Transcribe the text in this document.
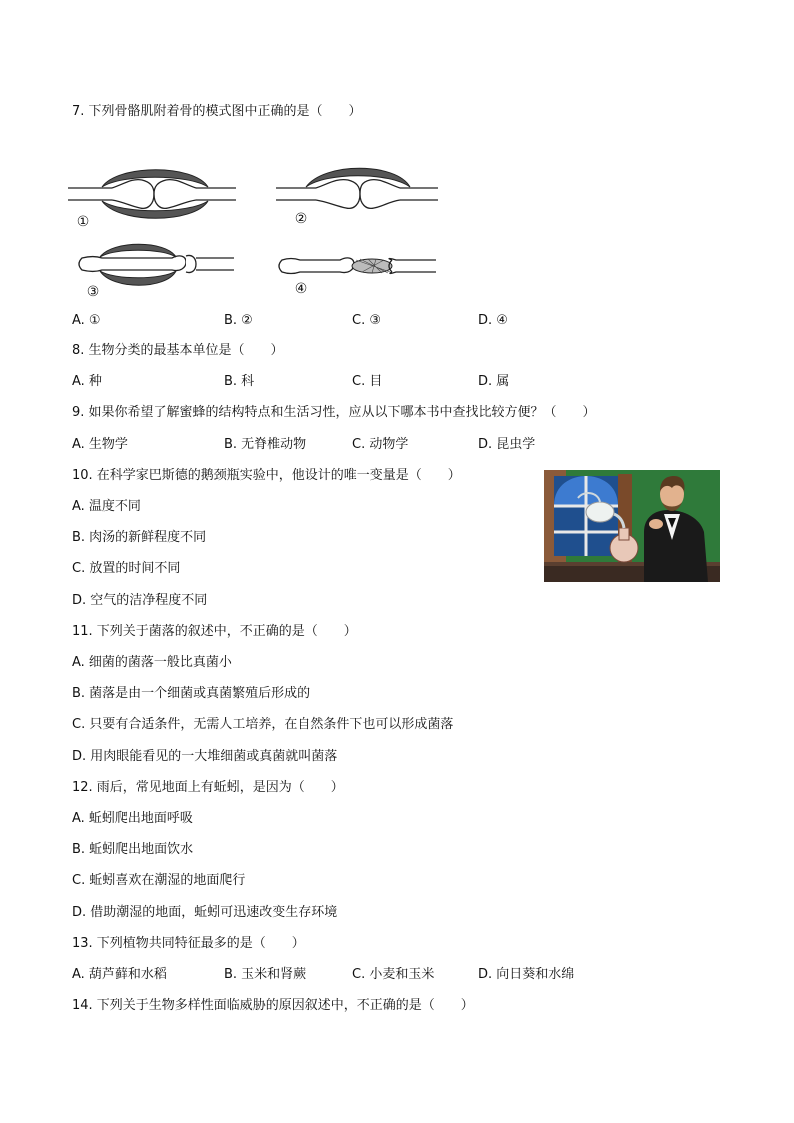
7. 下列骨骼肌附着骨的模式图中正确的是（　　）
①	②
③	④
A. ①	B. ②	C. ③	D. ④
8. 生物分类的最基本单位是（　　）
A. 种	B. 科	C. 目	D. 属
9. 如果你希望了解蜜蜂的结构特点和生活习性，应从以下哪本书中查找比较方便？（　　）
A. 生物学	B. 无脊椎动物	C. 动物学	D. 昆虫学
10. 在科学家巴斯德的鹅颈瓶实验中，他设计的唯一变量是（　　）
A. 温度不同
B. 肉汤的新鲜程度不同
C. 放置的时间不同
D. 空气的洁净程度不同
11. 下列关于菌落的叙述中，不正确的是（　　）
A. 细菌的菌落一般比真菌小
B. 菌落是由一个细菌或真菌繁殖后形成的
C. 只要有合适条件，无需人工培养，在自然条件下也可以形成菌落
D. 用肉眼能看见的一大堆细菌或真菌就叫菌落
12. 雨后，常见地面上有蚯蚓，是因为（　　）
A. 蚯蚓爬出地面呼吸
B. 蚯蚓爬出地面饮水
C. 蚯蚓喜欢在潮湿的地面爬行
D. 借助潮湿的地面，蚯蚓可迅速改变生存环境
13. 下列植物共同特征最多的是（　　）
A. 葫芦藓和水稻	B. 玉米和肾蕨	C. 小麦和玉米	D. 向日葵和水绵
14. 下列关于生物多样性面临威胁的原因叙述中，不正确的是（　　）
